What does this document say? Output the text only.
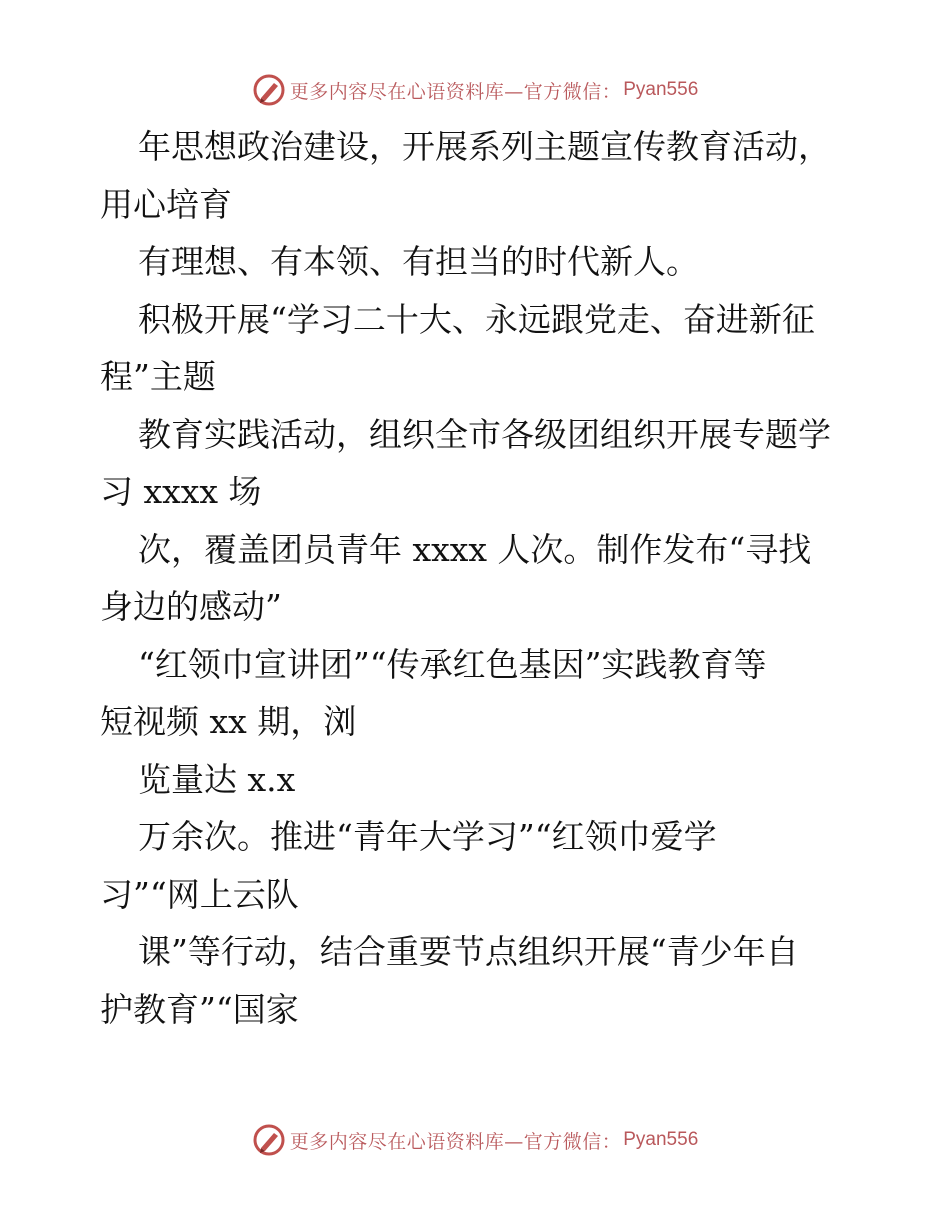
更多内容尽在心语资料库—官方微信： Pyan556
年思想政治建设，开展系列主题宣传教育活动，
用心培育
有理想、有本领、有担当的时代新人。
积极开展“学习二十大、永远跟党走、奋进新征
程”主题
教育实践活动，组织全市各级团组织开展专题学
习 xxxx 场
次，覆盖团员青年 xxxx 人次。制作发布“寻找
身边的感动”
“红领巾宣讲团”“传承红色基因”实践教育等
短视频 xx 期，浏
览量达 x.x
万余次。推进“青年大学习”“红领巾爱学
习”“网上云队
课”等行动，结合重要节点组织开展“青少年自
护教育”“国家
更多内容尽在心语资料库—官方微信： Pyan556
